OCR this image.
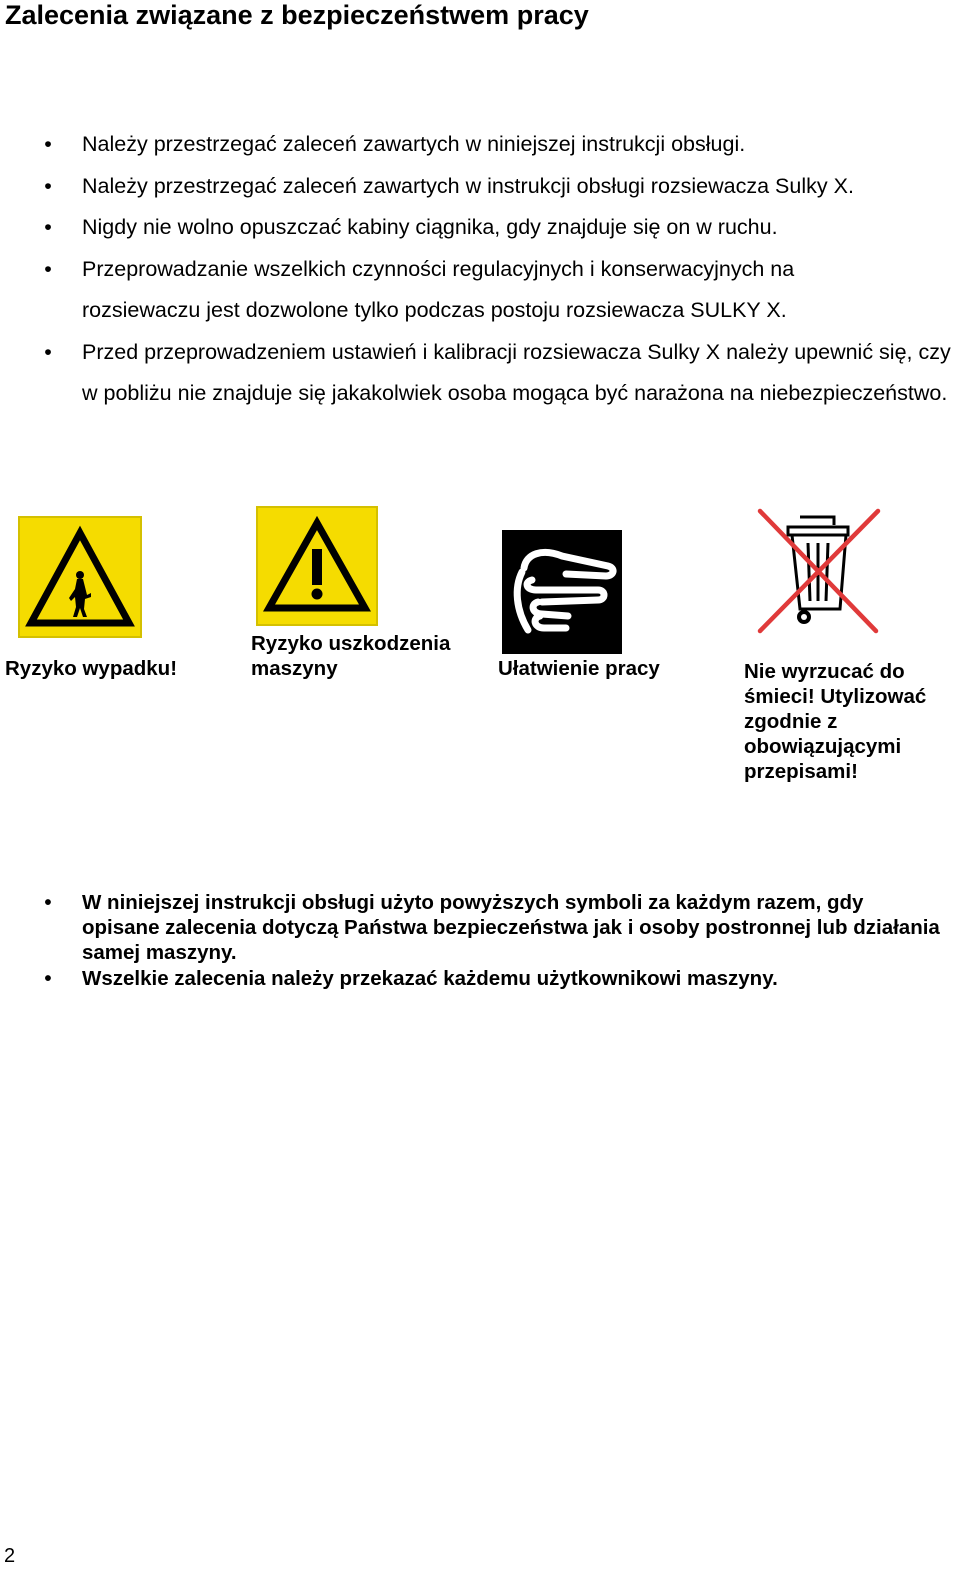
Zalecenia związane z bezpieczeństwem pracy
• Należy przestrzegać zaleceń zawartych w niniejszej instrukcji obsługi.
• Należy przestrzegać zaleceń zawartych w instrukcji obsługi rozsiewacza Sulky X.
• Nigdy nie wolno opuszczać kabiny ciągnika, gdy znajduje się on w ruchu.
• Przeprowadzanie wszelkich czynności regulacyjnych i konserwacyjnych na rozsiewaczu jest dozwolone tylko podczas postoju rozsiewacza SULKY X.
• Przed przeprowadzeniem ustawień i kalibracji rozsiewacza Sulky X należy upewnić się, czy w pobliżu nie znajduje się jakakolwiek osoba mogąca być narażona na niebezpieczeństwo.
Ryzyko wypadku!
Ryzyko uszkodzenia maszyny	Ułatwienie pracy	Nie wyrzucać do śmieci! Utylizować zgodnie z obowiązującymi przepisami!
• W niniejszej instrukcji obsługi użyto powyższych symboli za każdym razem, gdy opisane zalecenia dotyczą Państwa bezpieczeństwa jak i osoby postronnej lub działania samej maszyny.
• Wszelkie zalecenia należy przekazać każdemu użytkownikowi maszyny.
2
